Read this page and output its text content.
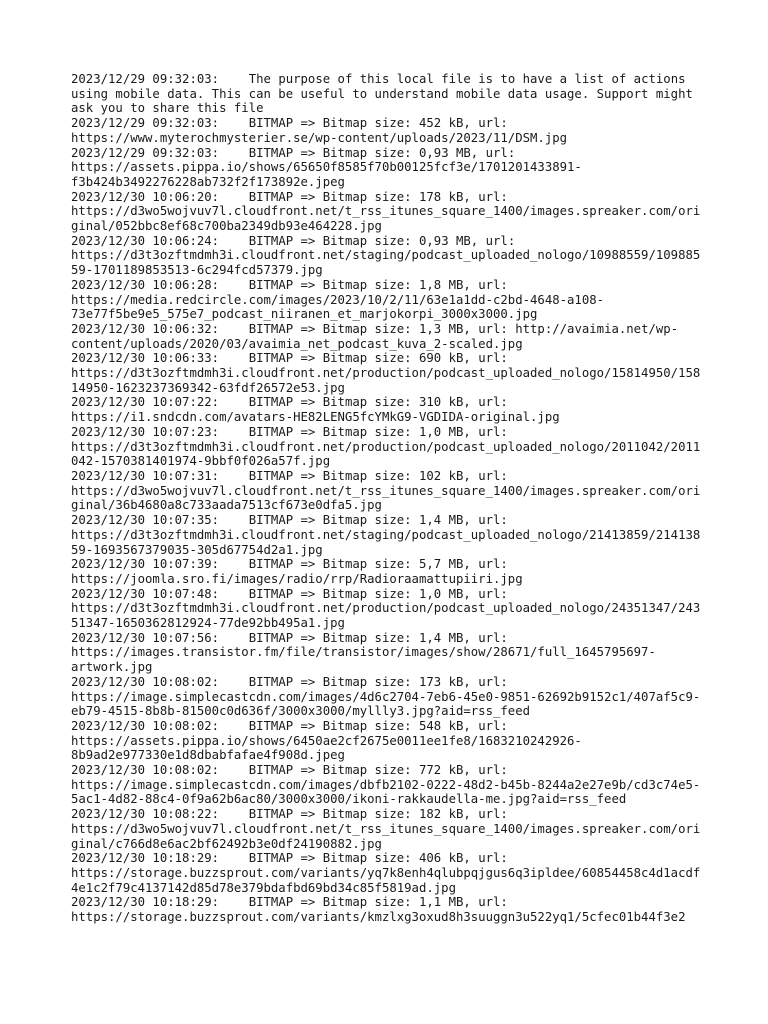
2023/12/29 09:32:03: The purpose of this local file is to have a list of actions using mobile data. This can be useful to understand mobile data usage. Support might ask you to share this file
2023/12/29 09:32:03: BITMAP => Bitmap size: 452 kB, url: https://www.myterochmysterier.se/wp-content/uploads/2023/11/DSM.jpg
2023/12/29 09:32:03: BITMAP => Bitmap size: 0,93 MB, url: https://assets.pippa.io/shows/65650f8585f70b00125fcf3e/1701201433891-f3b424b3492276228ab732f2f173892e.jpeg
2023/12/30 10:06:20: BITMAP => Bitmap size: 178 kB, url: https://d3wo5wojvuv7l.cloudfront.net/t_rss_itunes_square_1400/images.spreaker.com/original/052bbc8ef68c700ba2349db93e464228.jpg
2023/12/30 10:06:24: BITMAP => Bitmap size: 0,93 MB, url: https://d3t3ozftmdmh3i.cloudfront.net/staging/podcast_uploaded_nologo/10988559/10988559-1701189853513-6c294fcd57379.jpg
2023/12/30 10:06:28: BITMAP => Bitmap size: 1,8 MB, url: https://media.redcircle.com/images/2023/10/2/11/63e1a1dd-c2bd-4648-a108-73e77f5be9e5_575e7_podcast_niiranen_et_marjokorpi_3000x3000.jpg
2023/12/30 10:06:32: BITMAP => Bitmap size: 1,3 MB, url: http://avaimia.net/wp-content/uploads/2020/03/avaimia_net_podcast_kuva_2-scaled.jpg
2023/12/30 10:06:33: BITMAP => Bitmap size: 690 kB, url: https://d3t3ozftmdmh3i.cloudfront.net/production/podcast_uploaded_nologo/15814950/15814950-1623237369342-63fdf26572e53.jpg
2023/12/30 10:07:22: BITMAP => Bitmap size: 310 kB, url: https://i1.sndcdn.com/avatars-HE82LENG5fcYMkG9-VGDIDA-original.jpg
2023/12/30 10:07:23: BITMAP => Bitmap size: 1,0 MB, url: https://d3t3ozftmdmh3i.cloudfront.net/production/podcast_uploaded_nologo/2011042/2011042-1570381401974-9bbf0f026a57f.jpg
2023/12/30 10:07:31: BITMAP => Bitmap size: 102 kB, url: https://d3wo5wojvuv7l.cloudfront.net/t_rss_itunes_square_1400/images.spreaker.com/original/36b4680a8c733aada7513cf673e0dfa5.jpg
2023/12/30 10:07:35: BITMAP => Bitmap size: 1,4 MB, url: https://d3t3ozftmdmh3i.cloudfront.net/staging/podcast_uploaded_nologo/21413859/21413859-1693567379035-305d67754d2a1.jpg
2023/12/30 10:07:39: BITMAP => Bitmap size: 5,7 MB, url: https://joomla.sro.fi/images/radio/rrp/Radioraamattupiiri.jpg
2023/12/30 10:07:48: BITMAP => Bitmap size: 1,0 MB, url: https://d3t3ozftmdmh3i.cloudfront.net/production/podcast_uploaded_nologo/24351347/24351347-1650362812924-77de92bb495a1.jpg
2023/12/30 10:07:56: BITMAP => Bitmap size: 1,4 MB, url: https://images.transistor.fm/file/transistor/images/show/28671/full_1645795697-artwork.jpg
2023/12/30 10:08:02: BITMAP => Bitmap size: 173 kB, url: https://image.simplecastcdn.com/images/4d6c2704-7eb6-45e0-9851-62692b9152c1/407af5c9-eb79-4515-8b8b-81500c0d636f/3000x3000/myllly3.jpg?aid=rss_feed
2023/12/30 10:08:02: BITMAP => Bitmap size: 548 kB, url: https://assets.pippa.io/shows/6450ae2cf2675e0011ee1fe8/1683210242926-8b9ad2e977330e1d8dbabfafae4f908d.jpeg
2023/12/30 10:08:02: BITMAP => Bitmap size: 772 kB, url: https://image.simplecastcdn.com/images/dbfb2102-0222-48d2-b45b-8244a2e27e9b/cd3c74e5-5ac1-4d82-88c4-0f9a62b6ac80/3000x3000/ikoni-rakkaudella-me.jpg?aid=rss_feed
2023/12/30 10:08:22: BITMAP => Bitmap size: 182 kB, url: https://d3wo5wojvuv7l.cloudfront.net/t_rss_itunes_square_1400/images.spreaker.com/original/c766d8e6ac2bf62492b3e0df24190882.jpg
2023/12/30 10:18:29: BITMAP => Bitmap size: 406 kB, url: https://storage.buzzsprout.com/variants/yq7k8enh4qlubpqjgus6q3ipldee/60854458c4d1acdf4e1c2f79c4137142d85d78e379bdafbd69bd34c85f5819ad.jpg
2023/12/30 10:18:29: BITMAP => Bitmap size: 1,1 MB, url: https://storage.buzzsprout.com/variants/kmzlxg3oxud8h3suuggn3u522yq1/5cfec01b44f3e2
